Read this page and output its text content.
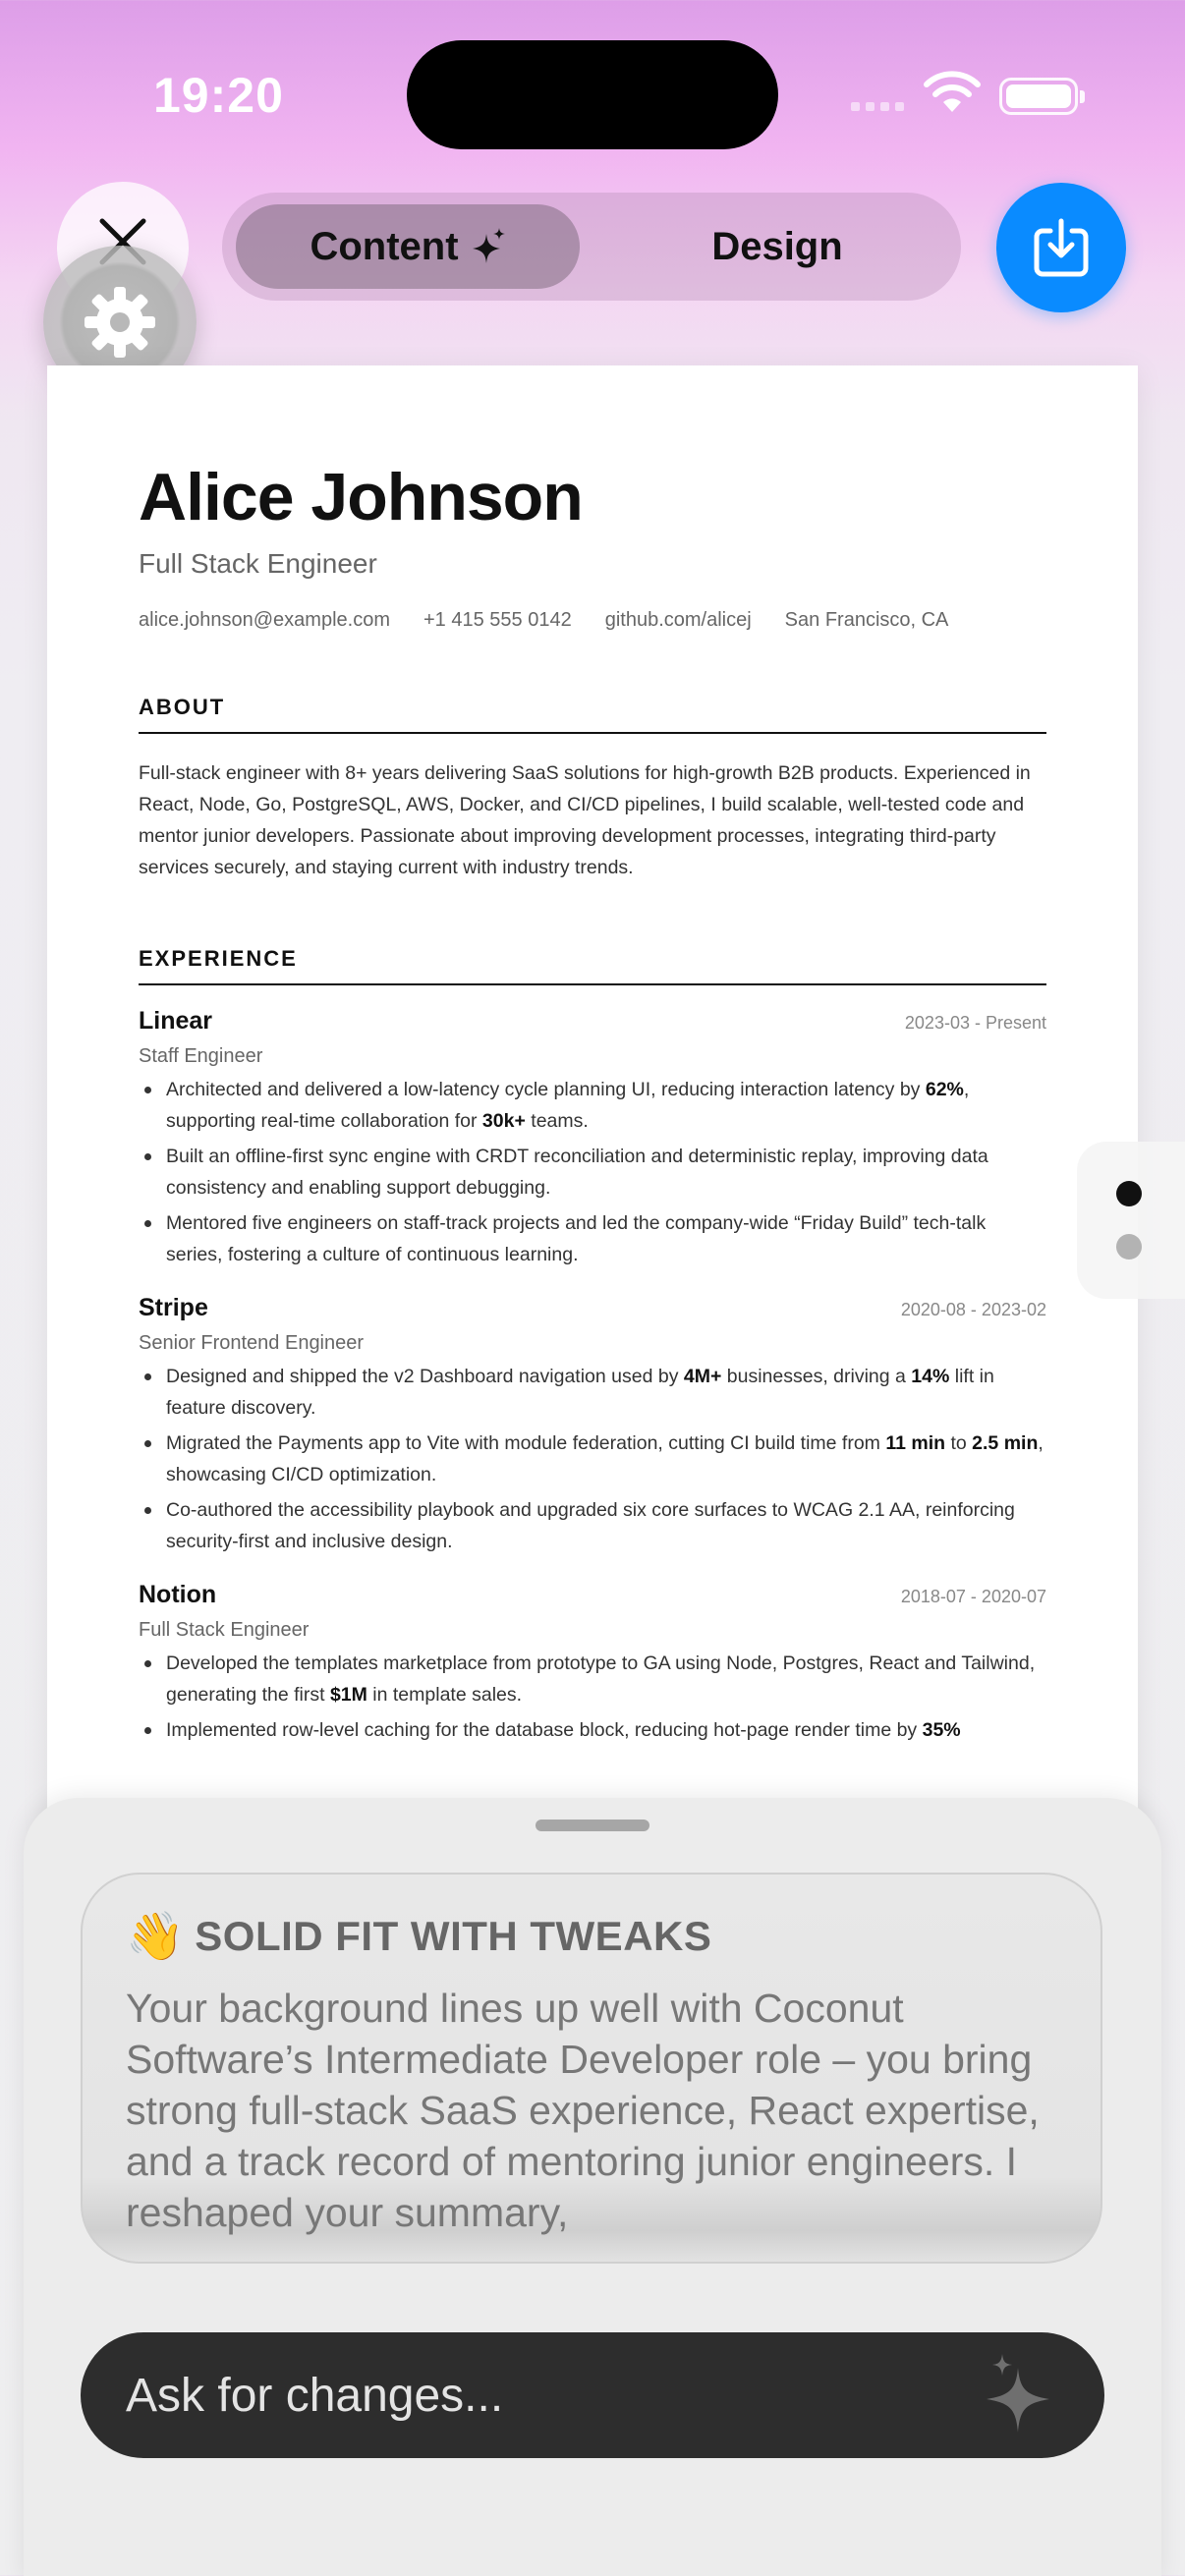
19:20
Content	Design
Alice Johnson
Full Stack Engineer
alice.johnson@example.com +1 415 555 0142 github.com/alicej San Francisco, CA
ABOUT
Full-stack engineer with 8+ years delivering SaaS solutions for high-growth B2B products. Experienced in React, Node, Go, PostgreSQL, AWS, Docker, and CI/CD pipelines, I build scalable, well-tested code and mentor junior developers. Passionate about improving development processes, integrating third-party services securely, and staying current with industry trends.
EXPERIENCE
Linear	2023-03 - Present
Staff Engineer
Architected and delivered a low-latency cycle planning UI, reducing interaction latency by 62%, supporting real-time collaboration for 30k+ teams.
Built an offline-first sync engine with CRDT reconciliation and deterministic replay, improving data consistency and enabling support debugging.
Mentored five engineers on staff-track projects and led the company-wide “Friday Build” tech-talk series, fostering a culture of continuous learning.
Stripe	2020-08 - 2023-02
Senior Frontend Engineer
Designed and shipped the v2 Dashboard navigation used by 4M+ businesses, driving a 14% lift in feature discovery.
Migrated the Payments app to Vite with module federation, cutting CI build time from 11 min to 2.5 min, showcasing CI/CD optimization.
Co-authored the accessibility playbook and upgraded six core surfaces to WCAG 2.1 AA, reinforcing security-first and inclusive design.
Notion	2018-07 - 2020-07
Full Stack Engineer
Developed the templates marketplace from prototype to GA using Node, Postgres, React and Tailwind, generating the first $1M in template sales.
Implemented row-level caching for the database block, reducing hot-page render time by 35%
👋 SOLID FIT WITH TWEAKS
Your background lines up well with Coconut Software’s Intermediate Developer role – you bring strong full-stack SaaS experience, React expertise, and a track record of mentoring junior engineers. I reshaped your summary,
Ask for changes...
